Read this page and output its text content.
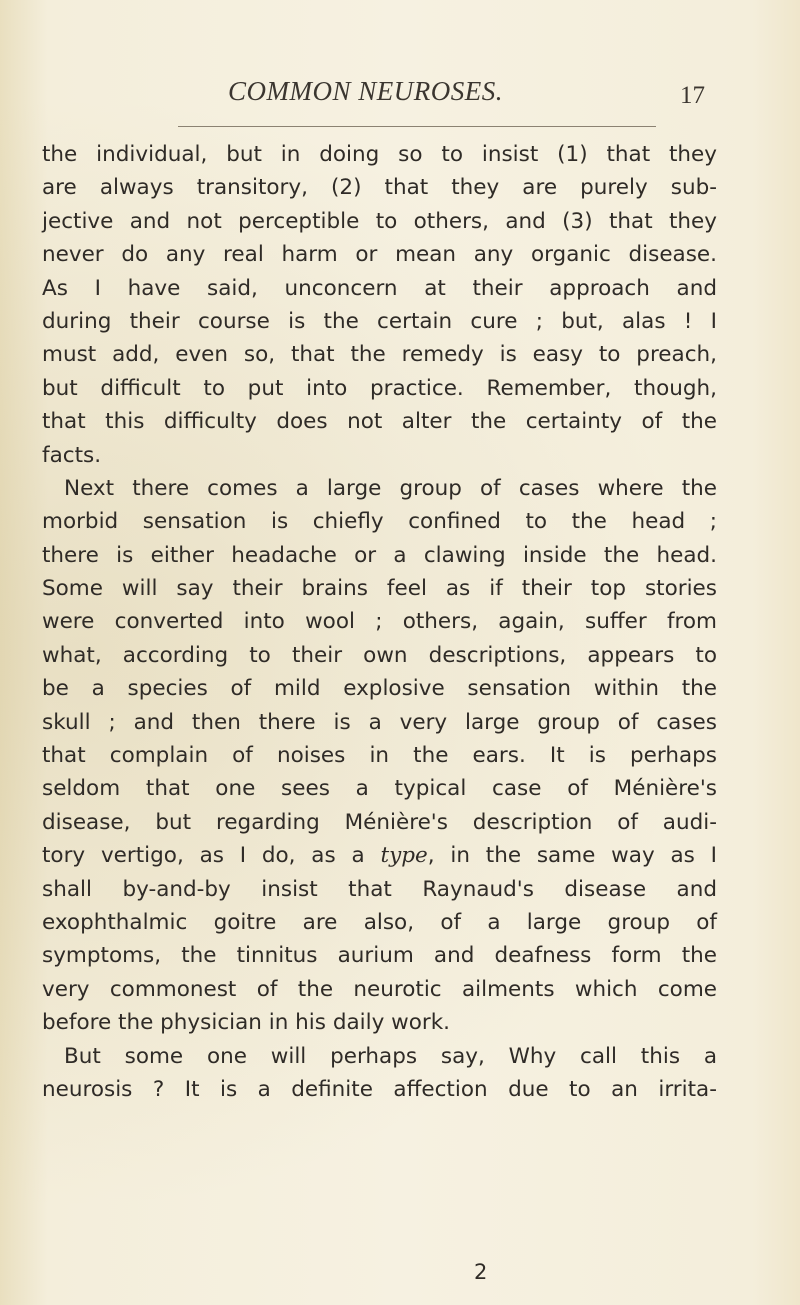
COMMON NEUROSES.	17
the individual, but in doing so to insist (1) that they
are always transitory, (2) that they are purely sub-
jective and not perceptible to others, and (3) that they
never do any real harm or mean any organic disease.
As I have said, unconcern at their approach and
during their course is the certain cure ; but, alas ! I
must add, even so, that the remedy is easy to preach,
but difficult to put into practice. Remember, though,
that this difficulty does not alter the certainty of the
facts.
Next there comes a large group of cases where the
morbid sensation is chiefly confined to the head ;
there is either headache or a clawing inside the head.
Some will say their brains feel as if their top stories
were converted into wool ; others, again, suffer from
what, according to their own descriptions, appears to
be a species of mild explosive sensation within the
skull ; and then there is a very large group of cases
that complain of noises in the ears. It is perhaps
seldom that one sees a typical case of Ménière's
disease, but regarding Ménière's description of audi-
tory vertigo, as I do, as a type, in the same way as I
shall by-and-by insist that Raynaud's disease and
exophthalmic goitre are also, of a large group of
symptoms, the tinnitus aurium and deafness form the
very commonest of the neurotic ailments which come
before the physician in his daily work.
But some one will perhaps say, Why call this a
neurosis ? It is a definite affection due to an irrita-
2
